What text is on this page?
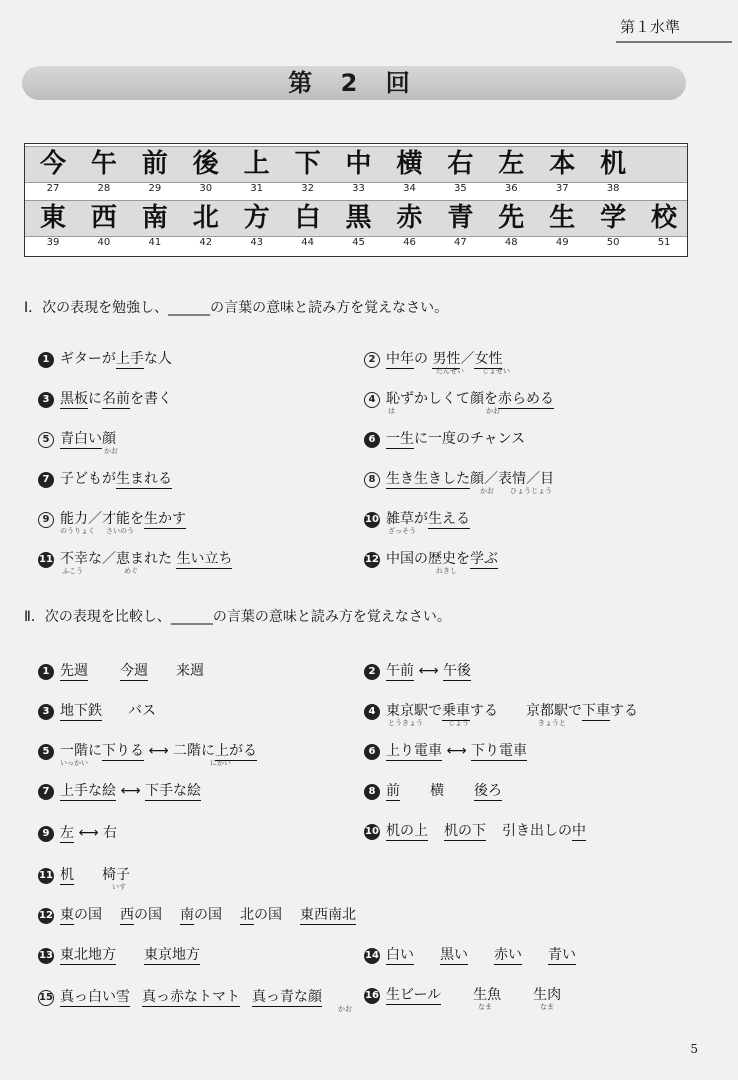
第１水準
第 2 回
今 午 前 後 上 下 中 横 右 左 本 机
27	28	29	30	31	32	33	34	35	36	37	38
東 西 南 北 方 白 黒 赤 青 先 生 学 校
39	40	41	42	43	44	45	46	47	48	49	50	51
Ⅰ．次の表現を勉強し、______の言葉の意味と読み方を覚えなさい。
1 ギターが上手な人	2 中年の 男性／女性
だんせい	じょせい
3 黒板に名前を書く	4 恥ずかしくて顔を赤らめる
は	かお
5 青白い顔
かお
6 一生に一度のチャンス
7 子どもが生まれる	8 生き生きした顔／表情／目
かお ひょうじょう
9 能力／才能を生かす
のうりょく さいのう
10 雑草が生える
ざっそう
11 不幸な／恵まれた 生い立ち
ふこう	めぐ
12 中国の歴史を学ぶ
れきし
Ⅱ．次の表現を比較し、______の言葉の意味と読み方を覚えなさい。
1 先週 今週 来週	2 午前 ⟷ 午後
3 地下鉄 バス	4 東京駅で乗車する 京都駅で下車する
とうきょう	じょう	きょうと
5 一階に下りる ⟷ 二階に上がる
いっかい	にかい
6 上り電車 ⟷ 下り電車
7 上手な絵 ⟷ 下手な絵	8 前 横 後ろ
9 左 ⟷ 右	10 机の上 机の下 引き出しの中
11 机 椅子
いす
12 東の国 西の国 南の国 北の国 東西南北
13 東北地方 東京地方	14 白い 黒い 赤い 青い
15 真っ白い雪 真っ赤なトマト 真っ青な顔
かお
16 生ビール 生魚 生肉
なま	なま
5
